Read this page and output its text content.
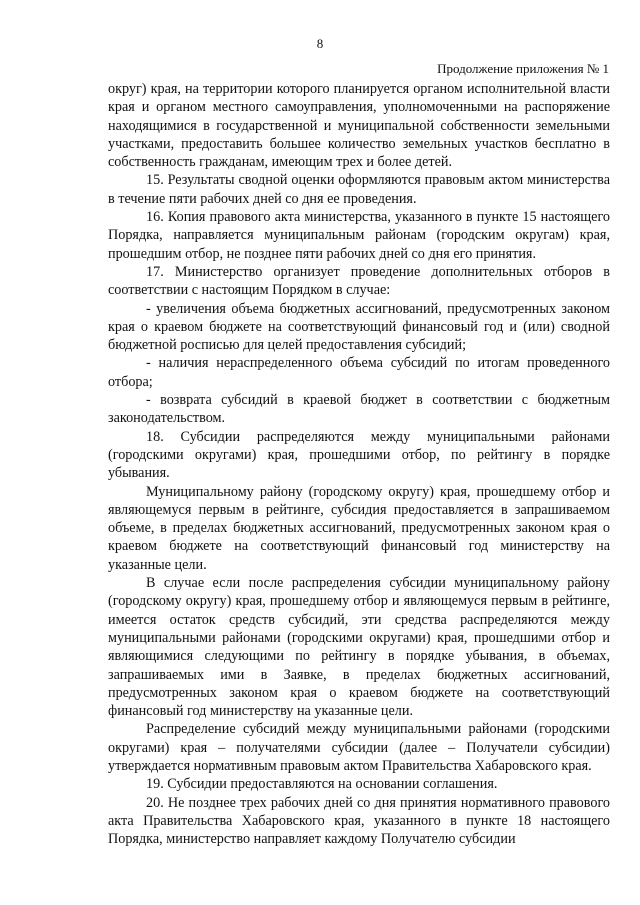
8
Продолжение приложения № 1

округ) края, на территории которого планируется органом исполнительной власти края и органом местного самоуправления, уполномоченными на распоряжение находящимися в государственной и муниципальной собственности земельными участками, предоставить большее количество земельных участков бесплатно в собственность гражданам, имеющим трех и более детей.

15. Результаты сводной оценки оформляются правовым актом министерства в течение пяти рабочих дней со дня ее проведения.

16. Копия правового акта министерства, указанного в пункте 15 настоящего Порядка, направляется муниципальным районам (городским округам) края, прошедшим отбор, не позднее пяти рабочих дней со дня его принятия.

17. Министерство организует проведение дополнительных отборов в соответствии с настоящим Порядком в случае:

- увеличения объема бюджетных ассигнований, предусмотренных законом края о краевом бюджете на соответствующий финансовый год и (или) сводной бюджетной росписью для целей предоставления субсидий;

- наличия нераспределенного объема субсидий по итогам проведенного отбора;

- возврата субсидий в краевой бюджет в соответствии с бюджетным законодательством.

18. Субсидии распределяются между муниципальными районами (городскими округами) края, прошедшими отбор, по рейтингу в порядке убывания.

Муниципальному району (городскому округу) края, прошедшему отбор и являющемуся первым в рейтинге, субсидия предоставляется в запрашиваемом объеме, в пределах бюджетных ассигнований, предусмотренных законом края о краевом бюджете на соответствующий финансовый год министерству на указанные цели.

В случае если после распределения субсидии муниципальному району (городскому округу) края, прошедшему отбор и являющемуся первым в рейтинге, имеется остаток средств субсидий, эти средства распределяются между муниципальными районами (городскими округами) края, прошедшими отбор и являющимися следующими по рейтингу в порядке убывания, в объемах, запрашиваемых ими в Заявке, в пределах бюджетных ассигнований, предусмотренных законом края о краевом бюджете на соответствующий финансовый год министерству на указанные цели.

Распределение субсидий между муниципальными районами (городскими округами) края – получателями субсидии (далее – Получатели субсидии) утверждается нормативным правовым актом Правительства Хабаровского края.

19. Субсидии предоставляются на основании соглашения.

20. Не позднее трех рабочих дней со дня принятия нормативного правового акта Правительства Хабаровского края, указанного в пункте 18 настоящего Порядка, министерство направляет каждому Получателю субсидии
